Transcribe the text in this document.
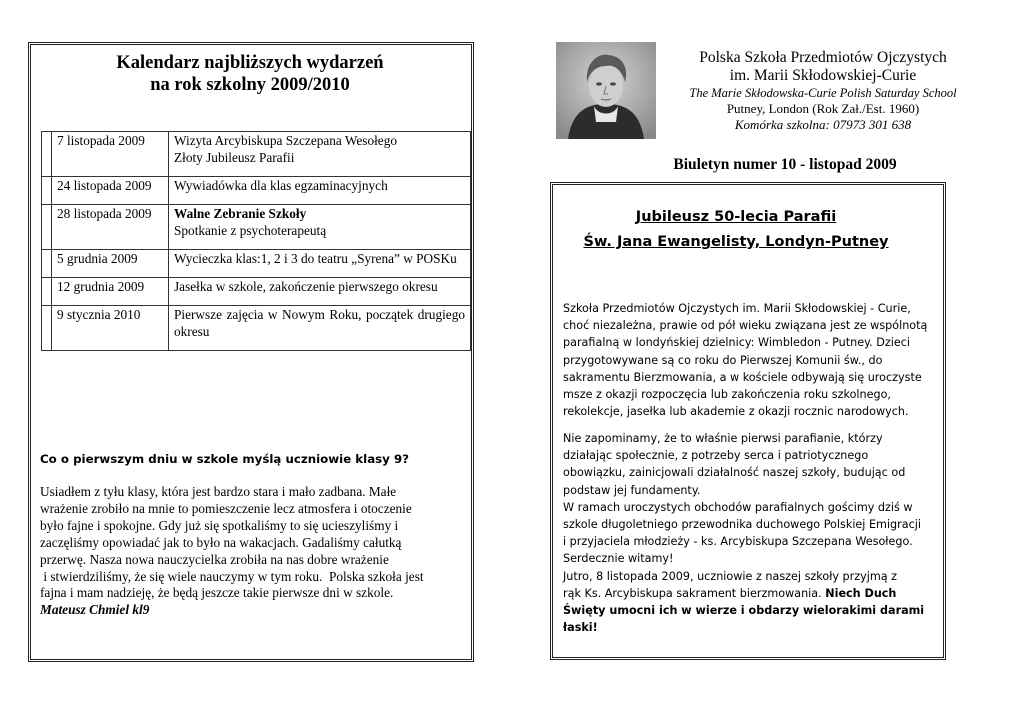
Kalendarz najbliższych wydarzeń
na rok szkolny 2009/2010
	7 listopada 2009	Wizyta Arcybiskupa Szczepana Wesołego
Złoty Jubileusz Parafii

	24 listopada 2009	Wywiadówka dla klas egzaminacyjnych

	28 listopada 2009	Walne Zebranie Szkoły
Spotkanie z psychoterapeutą

	5 grudnia 2009	Wycieczka klas:1, 2 i 3 do teatru „Syrena” w POSKu

	12 grudnia 2009	Jasełka w szkole, zakończenie pierwszego okresu

	9 stycznia 2010	Pierwsze zajęcia w Nowym Roku, początek drugiego okresu
Co o pierwszym dniu w szkole myślą uczniowie klasy 9?
Usiadłem z tyłu klasy, która jest bardzo stara i mało zadbana. Małe
wrażenie zrobiło na mnie to pomieszczenie lecz atmosfera i otoczenie
było fajne i spokojne. Gdy już się spotkaliśmy to się ucieszyliśmy i
zaczęliśmy opowiadać jak to było na wakacjach. Gadaliśmy całutką
przerwę. Nasza nowa nauczycielka zrobiła na nas dobre wrażenie
i stwierdziliśmy, że się wiele nauczymy w tym roku.  Polska szkoła jest
fajna i mam nadzieję, że będą jeszcze takie pierwsze dni w szkole.
Mateusz Chmiel kl9
Polska Szkoła Przedmiotów Ojczystych
im. Marii Skłodowskiej-Curie
The Marie Skłodowska-Curie Polish Saturday School
Putney, London (Rok Zał./Est. 1960)
Komórka szkolna: 07973 301 638
Biuletyn numer 10 - listopad 2009
Jubileusz 50-lecia Parafii
Św. Jana Ewangelisty, Londyn-Putney
Szkoła Przedmiotów Ojczystych im. Marii Skłodowskiej - Curie,
choć niezależna, prawie od pół wieku związana jest ze wspólnotą
parafialną w londyńskiej dzielnicy: Wimbledon - Putney. Dzieci
przygotowywane są co roku do Pierwszej Komunii św., do
sakramentu Bierzmowania, a w kościele odbywają się uroczyste
msze z okazji rozpoczęcia lub zakończenia roku szkolnego,
rekolekcje, jasełka lub akademie z okazji rocznic narodowych.
Nie zapominamy, że to właśnie pierwsi parafianie, którzy
działając społecznie, z potrzeby serca i patriotycznego
obowiązku, zainicjowali działalność naszej szkoły, budując od
podstaw jej fundamenty.
W ramach uroczystych obchodów parafialnych gościmy dziś w
szkole długoletniego przewodnika duchowego Polskiej Emigracji
i przyjaciela młodzieży - ks. Arcybiskupa Szczepana Wesołego.
Serdecznie witamy!
Jutro, 8 listopada 2009, uczniowie z naszej szkoły przyjmą z
rąk Ks. Arcybiskupa sakrament bierzmowania. Niech Duch
Święty umocni ich w wierze i obdarzy wielorakimi darami
łaski!
